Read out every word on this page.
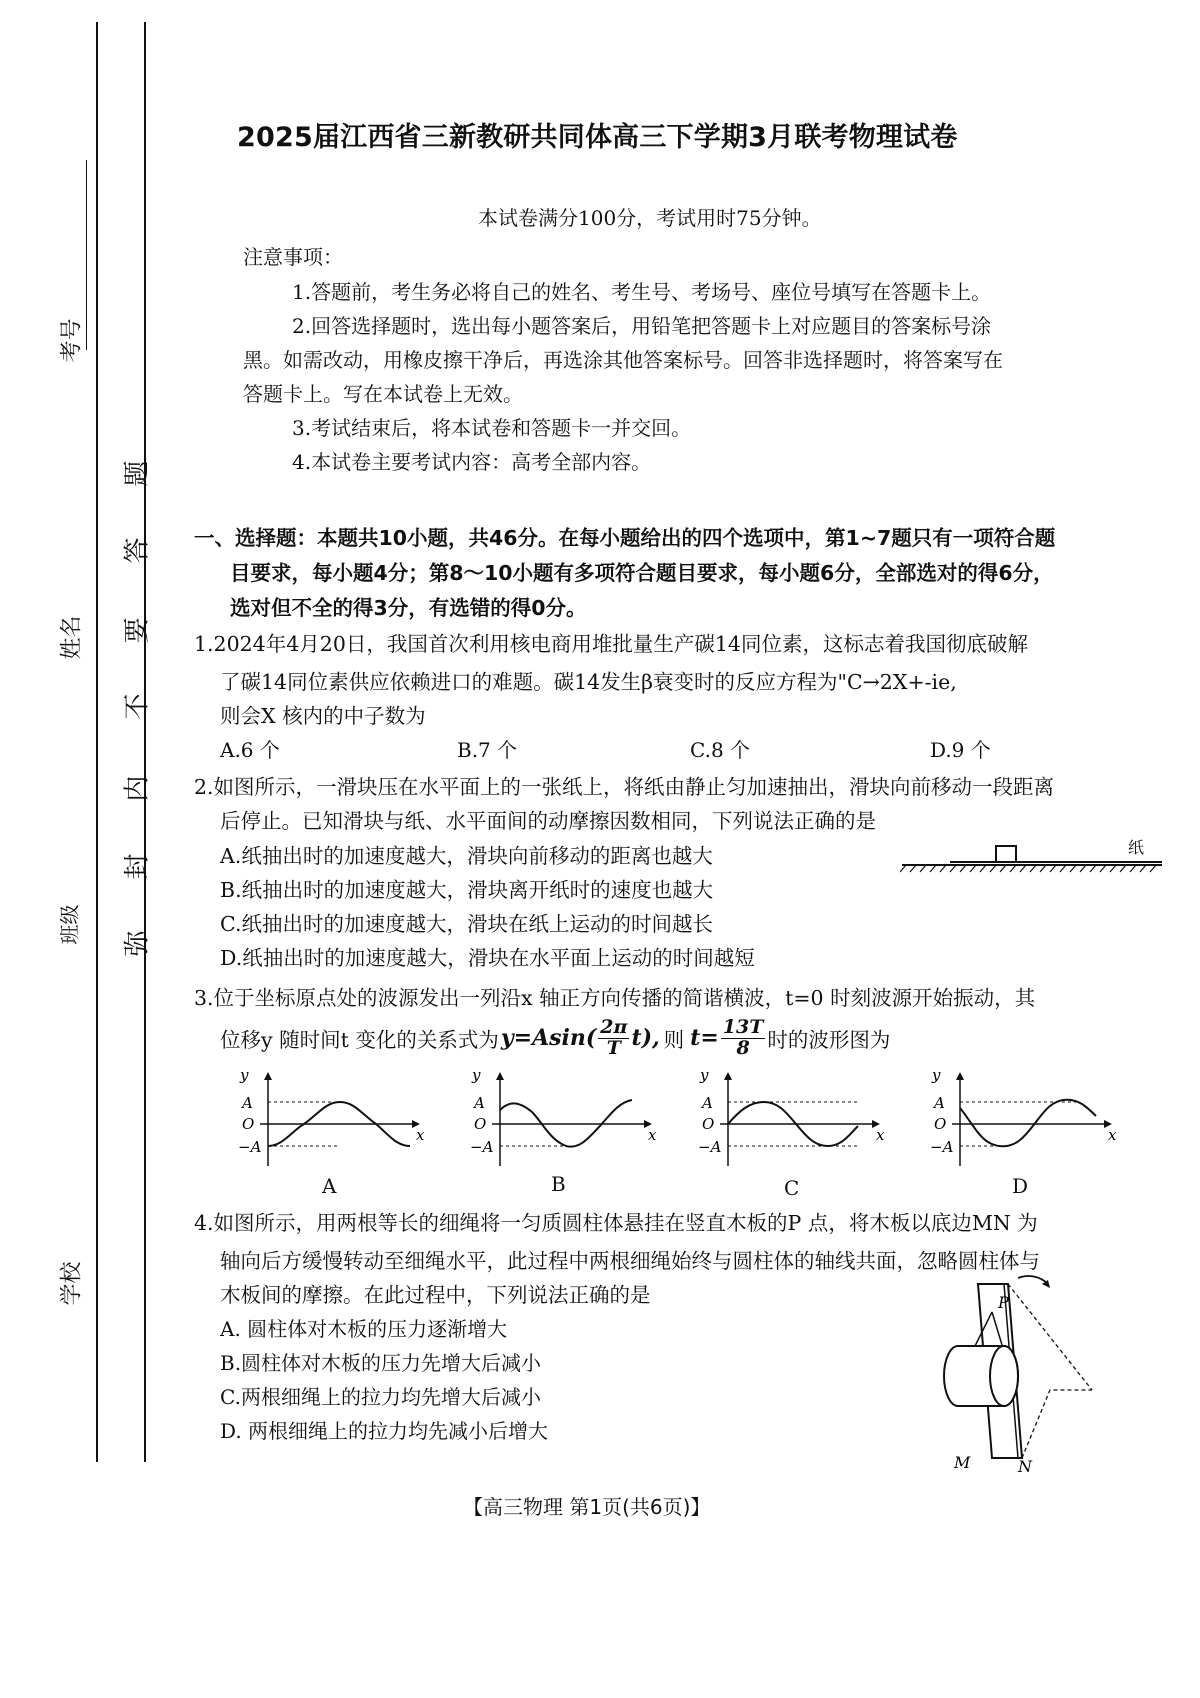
考号
姓名
班级
学校
题
答
要
不
内
封
弥
2025届江西省三新教研共同体高三下学期3月联考物理试卷
本试卷满分100分，考试用时75分钟。
注意事项：
1.答题前，考生务必将自己的姓名、考生号、考场号、座位号填写在答题卡上。
2.回答选择题时，选出每小题答案后，用铅笔把答题卡上对应题目的答案标号涂
黑。如需改动，用橡皮擦干净后，再选涂其他答案标号。回答非选择题时，将答案写在
答题卡上。写在本试卷上无效。
3.考试结束后，将本试卷和答题卡一并交回。
4.本试卷主要考试内容：高考全部内容。
一、选择题：本题共10小题，共46分。在每小题给出的四个选项中，第1~7题只有一项符合题
目要求，每小题4分；第8～10小题有多项符合题目要求，每小题6分，全部选对的得6分，
选对但不全的得3分，有选错的得0分。
1.2024年4月20日，我国首次利用核电商用堆批量生产碳14同位素，这标志着我国彻底破解
了碳14同位素供应依赖进口的难题。碳14发生β衰变时的反应方程为"C→2X+-ie,
则会X 核内的中子数为
A.6 个	B.7 个	C.8 个	D.9 个
2.如图所示，一滑块压在水平面上的一张纸上，将纸由静止匀加速抽出，滑块向前移动一段距离
后停止。已知滑块与纸、水平面间的动摩擦因数相同，下列说法正确的是
A.纸抽出时的加速度越大，滑块向前移动的距离也越大
B.纸抽出时的加速度越大，滑块离开纸时的速度也越大
C.纸抽出时的加速度越大，滑块在纸上运动的时间越长
D.纸抽出时的加速度越大，滑块在水平面上运动的时间越短
纸
3.位于坐标原点处的波源发出一列沿x 轴正方向传播的简谐横波，t=0 时刻波源开始振动，其
位移y 随时间t 变化的关系式为 $y=Asin( \frac{2\pi}{T} t)$, 则 $t= \frac{13T}{8}$ 时的波形图为
y
A
O
−A
x
y
A
O
−A
x
y
A
O
−A
x
y
A
O
−A
x
A	B	C	D
4.如图所示，用两根等长的细绳将一匀质圆柱体悬挂在竖直木板的P 点，将木板以底边MN 为
轴向后方缓慢转动至细绳水平，此过程中两根细绳始终与圆柱体的轴线共面，忽略圆柱体与
木板间的摩擦。在此过程中，下列说法正确的是
A. 圆柱体对木板的压力逐渐增大
B.圆柱体对木板的压力先增大后减小
C.两根细绳上的拉力均先增大后减小
D. 两根细绳上的拉力均先减小后增大
P
M	N
【高三物理 第1页(共6页)】
